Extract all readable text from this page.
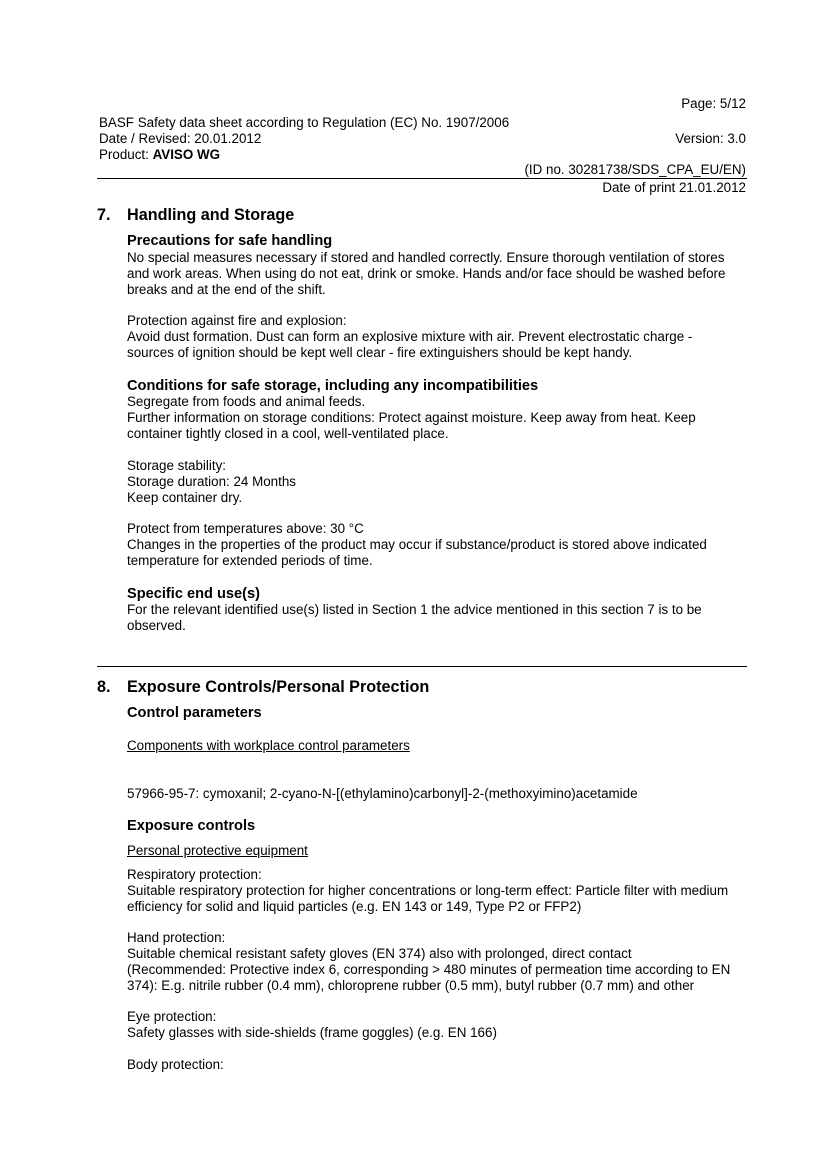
Page: 5/12
BASF Safety data sheet according to Regulation (EC) No. 1907/2006
Date / Revised: 20.01.2012	Version: 3.0
Product: AVISO WG
(ID no. 30281738/SDS_CPA_EU/EN)
Date of print 21.01.2012
7. Handling and Storage
Precautions for safe handling

No special measures necessary if stored and handled correctly. Ensure thorough ventilation of stores

and work areas. When using do not eat, drink or smoke. Hands and/or face should be washed before

breaks and at the end of the shift.

Protection against fire and explosion:

Avoid dust formation. Dust can form an explosive mixture with air. Prevent electrostatic charge -

sources of ignition should be kept well clear - fire extinguishers should be kept handy.

Conditions for safe storage, including any incompatibilities

Segregate from foods and animal feeds.

Further information on storage conditions: Protect against moisture. Keep away from heat. Keep

container tightly closed in a cool, well-ventilated place.

Storage stability:

Storage duration: 24 Months

Keep container dry.

Protect from temperatures above: 30 °C

Changes in the properties of the product may occur if substance/product is stored above indicated

temperature for extended periods of time.

Specific end use(s)

For the relevant identified use(s) listed in Section 1 the advice mentioned in this section 7 is to be

observed.

8. Exposure Controls/Personal Protection
Control parameters
Components with workplace control parameters
57966-95-7: cymoxanil; 2-cyano-N-[(ethylamino)carbonyl]-2-(methoxyimino)acetamide
Exposure controls
Personal protective equipment

Respiratory protection:

Suitable respiratory protection for higher concentrations or long-term effect: Particle filter with medium

efficiency for solid and liquid particles (e.g. EN 143 or 149, Type P2 or FFP2)

Hand protection:

Suitable chemical resistant safety gloves (EN 374) also with prolonged, direct contact

(Recommended: Protective index 6, corresponding > 480 minutes of permeation time according to EN

374): E.g. nitrile rubber (0.4 mm), chloroprene rubber (0.5 mm), butyl rubber (0.7 mm) and other

Eye protection:

Safety glasses with side-shields (frame goggles) (e.g. EN 166)

Body protection:
